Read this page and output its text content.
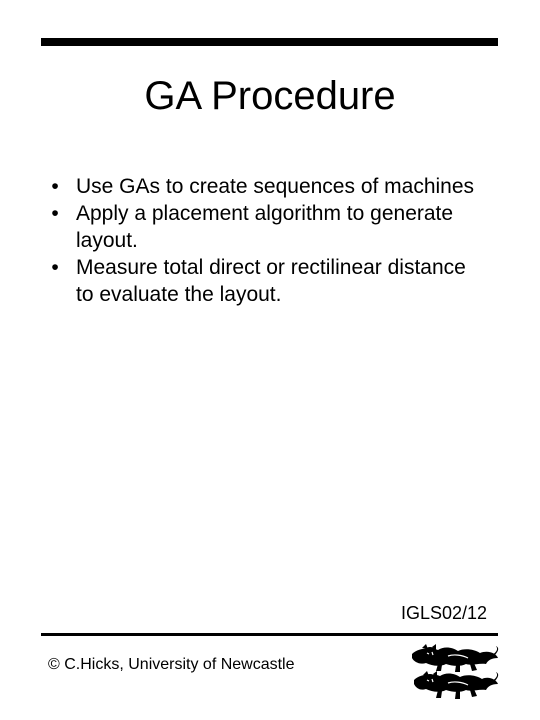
GA Procedure
• Use GAs to create sequences of machines
• Apply a placement algorithm to generate layout.
• Measure total direct or rectilinear distance to evaluate the layout.
IGLS02/12
© C.Hicks, University of Newcastle
